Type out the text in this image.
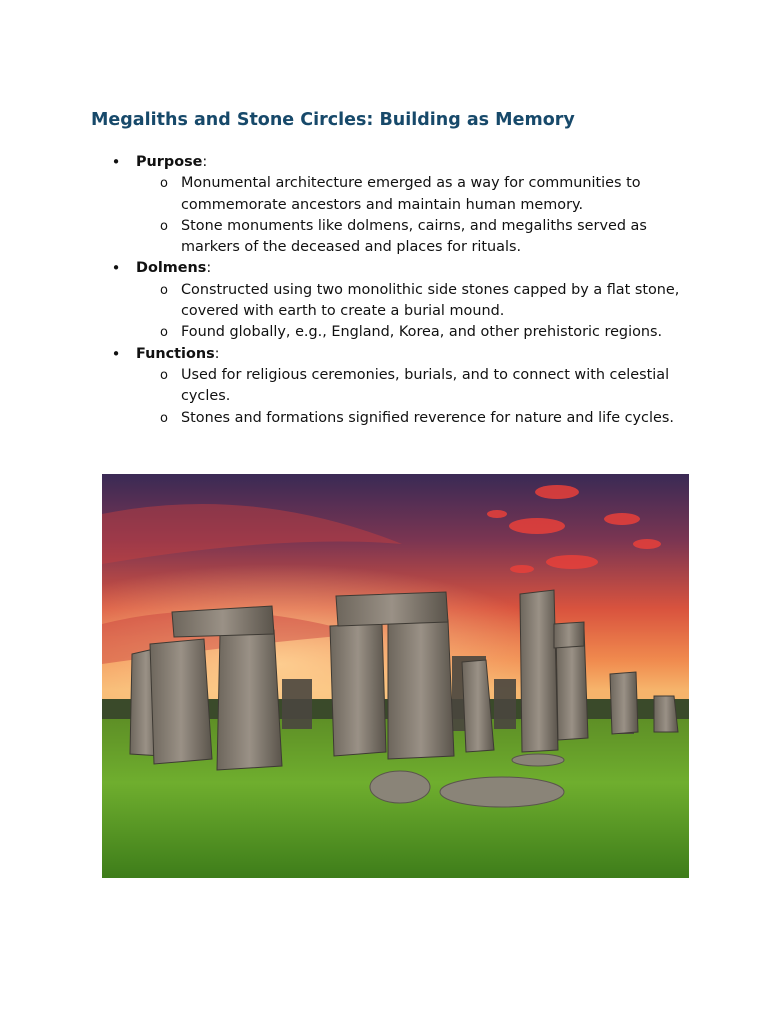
Megaliths and Stone Circles: Building as Memory
• Purpose:
o Monumental architecture emerged as a way for communities to commemorate ancestors and maintain human memory.
o Stone monuments like dolmens, cairns, and megaliths served as markers of the deceased and places for rituals.
• Dolmens:
o Constructed using two monolithic side stones capped by a flat stone, covered with earth to create a burial mound.
o Found globally, e.g., England, Korea, and other prehistoric regions.
• Functions:
o Used for religious ceremonies, burials, and to connect with celestial cycles.
o Stones and formations signified reverence for nature and life cycles.
